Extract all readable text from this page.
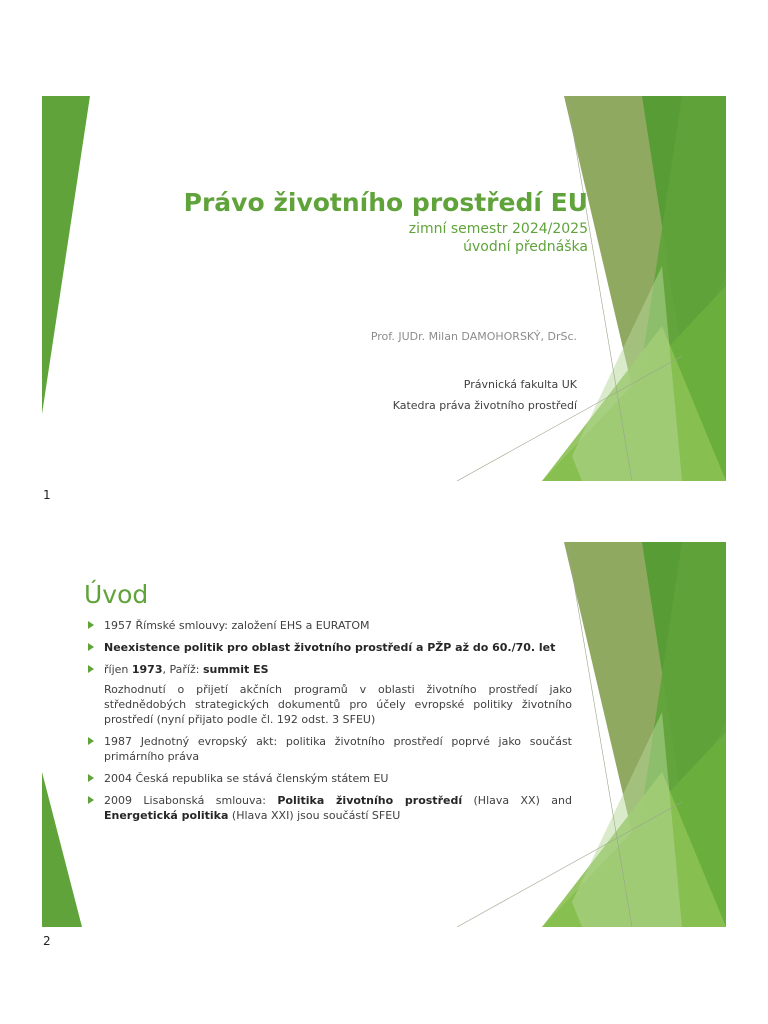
Právo životního prostředí EU
zimní semestr 2024/2025
úvodní přednáška
Prof. JUDr. Milan DAMOHORSKÝ, DrSc.
Právnická fakulta UK
Katedra práva životního prostředí
1
Úvod
1957 Římské smlouvy: založení EHS a EURATOM
Neexistence politik pro oblast životního prostředí a PŽP až do 60./70. let
říjen 1973, Paříž: summit ES
Rozhodnutí o přijetí akčních programů v oblasti životního prostředí jako střednědobých strategických dokumentů pro účely evropské politiky životního prostředí (nyní přijato podle čl. 192 odst. 3 SFEU)
1987 Jednotný evropský akt: politika životního prostředí poprvé jako součást primárního práva
2004 Česká republika se stává členským státem EU
2009 Lisabonská smlouva: Politika životního prostředí (Hlava XX) and Energetická politika (Hlava XXI) jsou součástí SFEU
2
